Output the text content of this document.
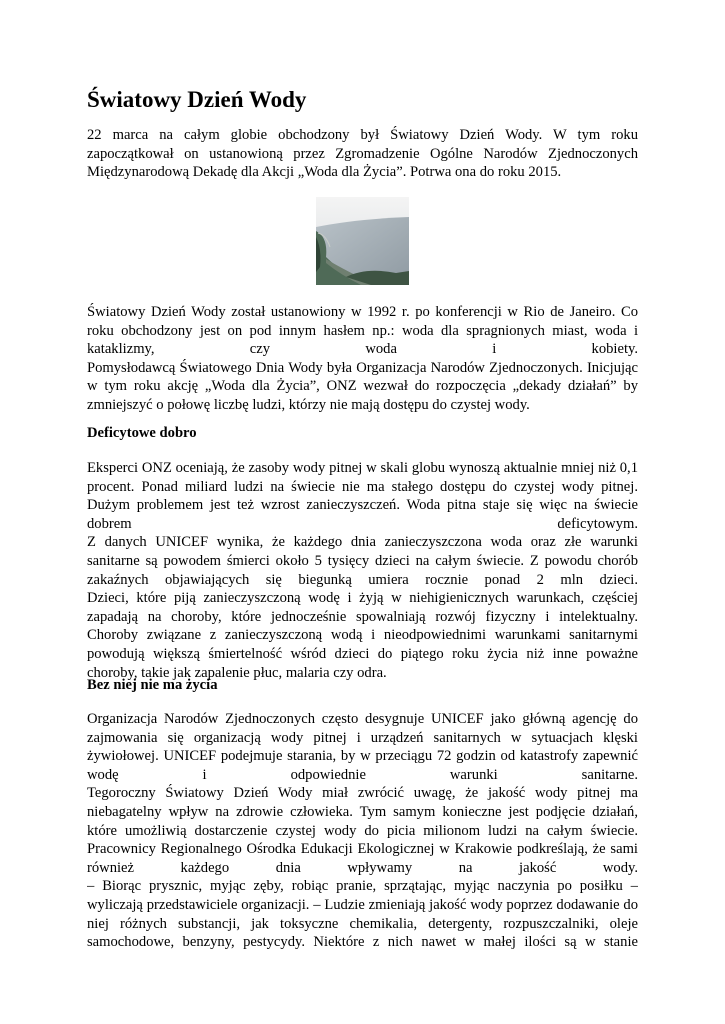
Światowy Dzień Wody
22 marca na całym globie obchodzony był Światowy Dzień Wody. W tym roku
zapoczątkował on ustanowioną przez Zgromadzenie Ogólne Narodów Zjednoczonych
Międzynarodową Dekadę dla Akcji „Woda dla Życia”. Potrwa ona do roku 2015.
Światowy Dzień Wody został ustanowiony w 1992 r. po konferencji w Rio de Janeiro. Co
roku obchodzony jest on pod innym hasłem np.: woda dla spragnionych miast, woda i
kataklizmy, czy woda i kobiety.
Pomysłodawcą Światowego Dnia Wody była Organizacja Narodów Zjednoczonych. Inicjując
w tym roku akcję „Woda dla Życia”, ONZ wezwał do rozpoczęcia „dekady działań” by
zmniejszyć o połowę liczbę ludzi, którzy nie mają dostępu do czystej wody.
Deficytowe dobro
Eksperci ONZ oceniają, że zasoby wody pitnej w skali globu wynoszą aktualnie mniej niż 0,1
procent. Ponad miliard ludzi na świecie nie ma stałego dostępu do czystej wody pitnej.
Dużym problemem jest też wzrost zanieczyszczeń. Woda pitna staje się więc na świecie
dobrem deficytowym.
Z danych UNICEF wynika, że każdego dnia zanieczyszczona woda oraz złe warunki
sanitarne są powodem śmierci około 5 tysięcy dzieci na całym świecie. Z powodu chorób
zakaźnych objawiających się biegunką umiera rocznie ponad 2 mln dzieci.
Dzieci, które piją zanieczyszczoną wodę i żyją w niehigienicznych warunkach, częściej
zapadają na choroby, które jednocześnie spowalniają rozwój fizyczny i intelektualny.
Choroby związane z zanieczyszczoną wodą i nieodpowiednimi warunkami sanitarnymi
powodują większą śmiertelność wśród dzieci do piątego roku życia niż inne poważne
choroby, takie jak zapalenie płuc, malaria czy odra.
Bez niej nie ma życia
Organizacja Narodów Zjednoczonych często desygnuje UNICEF jako główną agencję do
zajmowania się organizacją wody pitnej i urządzeń sanitarnych w sytuacjach klęski
żywiołowej. UNICEF podejmuje starania, by w przeciągu 72 godzin od katastrofy zapewnić
wodę i odpowiednie warunki sanitarne.
Tegoroczny Światowy Dzień Wody miał zwrócić uwagę, że jakość wody pitnej ma
niebagatelny wpływ na zdrowie człowieka. Tym samym konieczne jest podjęcie działań,
które umożliwią dostarczenie czystej wody do picia milionom ludzi na całym świecie.
Pracownicy Regionalnego Ośrodka Edukacji Ekologicznej w Krakowie podkreślają, że sami
również każdego dnia wpływamy na jakość wody.
– Biorąc prysznic, myjąc zęby, robiąc pranie, sprzątając, myjąc naczynia po posiłku –
wyliczają przedstawiciele organizacji. – Ludzie zmieniają jakość wody poprzez dodawanie do
niej różnych substancji, jak toksyczne chemikalia, detergenty, rozpuszczalniki, oleje
samochodowe, benzyny, pestycydy. Niektóre z nich nawet w małej ilości są w stanie
